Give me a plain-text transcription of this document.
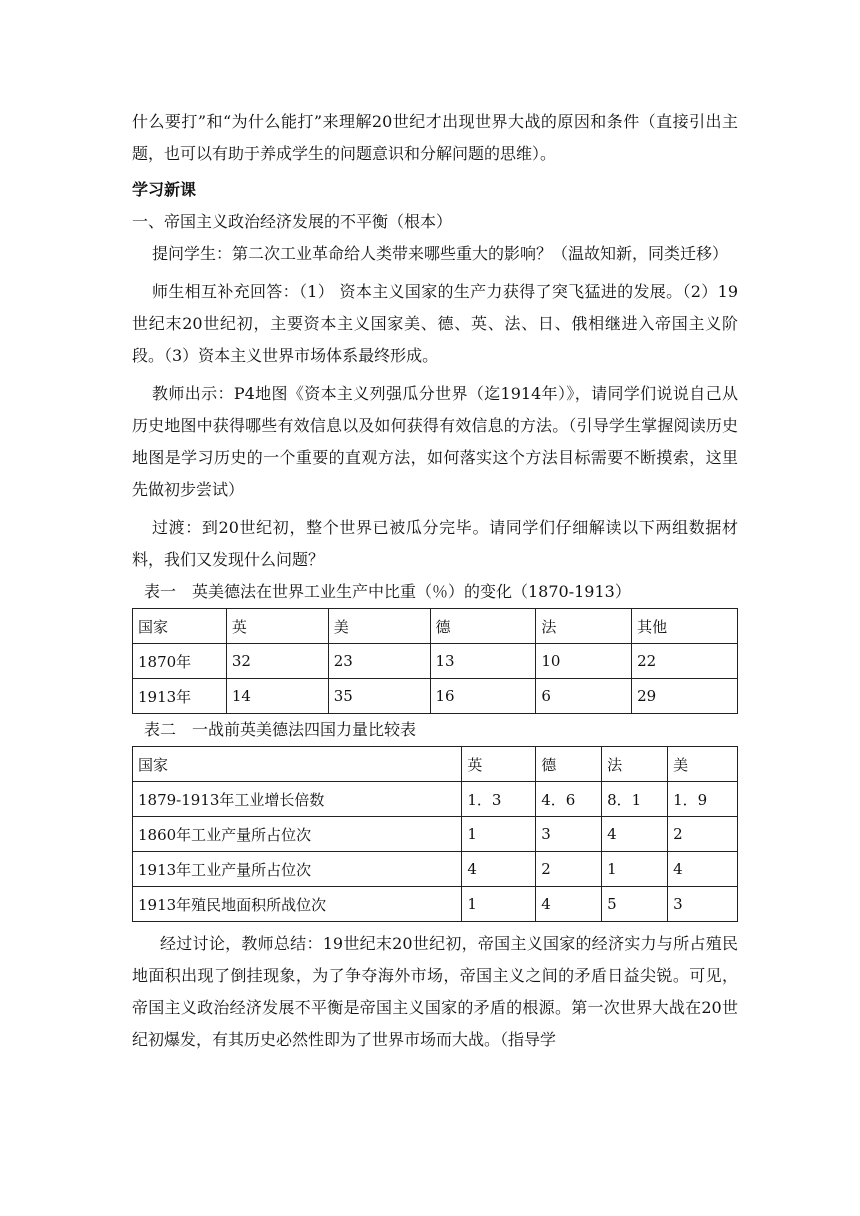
什么要打”和“为什么能打”来理解20世纪才出现世界大战的原因和条件（直接引出主题，也可以有助于养成学生的问题意识和分解问题的思维）。

学习新课

一、帝国主义政治经济发展的不平衡（根本）

提问学生：第二次工业革命给人类带来哪些重大的影响？（温故知新，同类迁移）

师生相互补充回答：（1） 资本主义国家的生产力获得了突飞猛进的发展。（2）19世纪末20世纪初，主要资本主义国家美、德、英、法、日、俄相继进入帝国主义阶段。（3）资本主义世界市场体系最终形成。

教师出示：P4地图《资本主义列强瓜分世界（迄1914年）》，请同学们说说自己从历史地图中获得哪些有效信息以及如何获得有效信息的方法。（引导学生掌握阅读历史地图是学习历史的一个重要的直观方法，如何落实这个方法目标需要不断摸索，这里先做初步尝试）

过渡：到20世纪初，整个世界已被瓜分完毕。请同学们仔细解读以下两组数据材料，我们又发现什么问题？

表一　英美德法在世界工业生产中比重（％）的变化（1870-1913）

国家	英	美	德	法	其他
1870年	32	23	13	10	22
1913年	14	35	16	6	29

表二　一战前英美德法四国力量比较表

国家	英	德	法	美
1879-1913年工业增长倍数	1．3	4．6	8．1	1．9
1860年工业产量所占位次	1	3	4	2
1913年工业产量所占位次	4	2	1	4
1913年殖民地面积所战位次	1	4	5	3

经过讨论，教师总结：19世纪末20世纪初，帝国主义国家的经济实力与所占殖民地面积出现了倒挂现象，为了争夺海外市场，帝国主义之间的矛盾日益尖锐。可见，帝国主义政治经济发展不平衡是帝国主义国家的矛盾的根源。第一次世界大战在20世纪初爆发，有其历史必然性即为了世界市场而大战。（指导学
